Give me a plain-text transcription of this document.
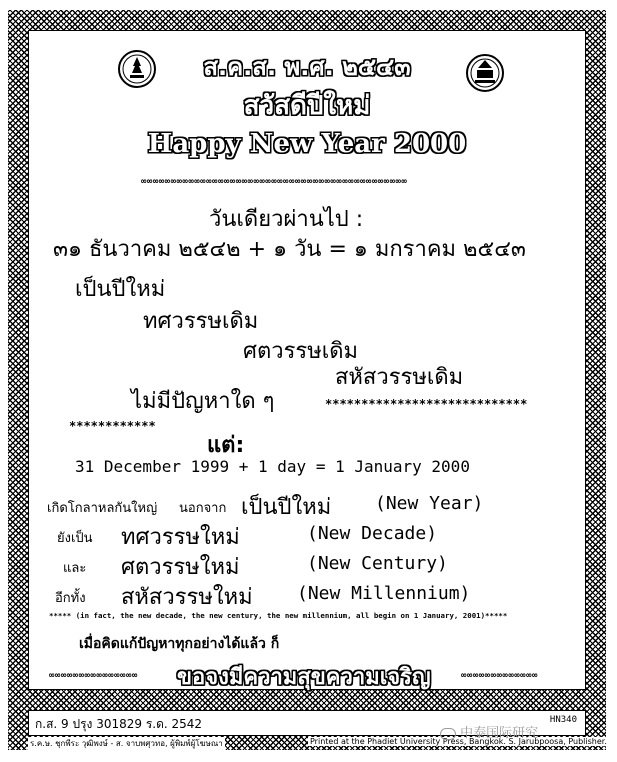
ส.ค.ส. พ.ศ. ๒๕๔๓
สวัสดีปีใหม่
Happy New Year 2000
∞∞∞∞∞∞∞∞∞∞∞∞∞∞∞∞∞∞∞∞∞∞∞∞∞∞∞∞∞∞∞∞∞∞∞∞∞∞∞∞∞∞∞∞∞
วันเดียวผ่านไป :
๓๑ ธันวาคม ๒๕๔๒ + ๑ วัน = ๑ มกราคม ๒๕๔๓
เป็นปีใหม่
ทศวรรษเดิม
ศตวรรษเดิม
สหัสวรรษเดิม
ไม่มีปัญหาใด ๆ	****************************
************
แต่:
31 December 1999 + 1 day = 1 January 2000
เกิดโกลาหลกันใหญ่ นอกจาก เป็นปีใหม่ (New Year)
ยังเป็น ทศวรรษใหม่	(New Decade)
และ ศตวรรษใหม่	(New Century)
อีกทั้ง สหัสวรรษใหม่ (New Millennium)
***** (in fact, the new decade, the new century, the new millennium, all begin on 1 January, 2001)*****
เมื่อคิดแก้ปัญหาทุกอย่างได้แล้ว ก็
∞∞∞∞∞∞∞∞∞∞∞∞∞∞∞ ขอจงมีความสุขความเจริญ	∞∞∞∞∞∞∞∞∞∞∞∞∞
ก.ส. 9 ปรุง 301829 ร.ด. 2542	HN340
ร.ค.ษ. ชุกพีระ วุฒิพงษ์ - ส. จาบพศุวทอ, ผู้พิมพ์ผู้โฆษณา	Printed at the Phadiet University Press, Bangkok. S. Jarubpoosa, Publisher.
中泰国际研究
